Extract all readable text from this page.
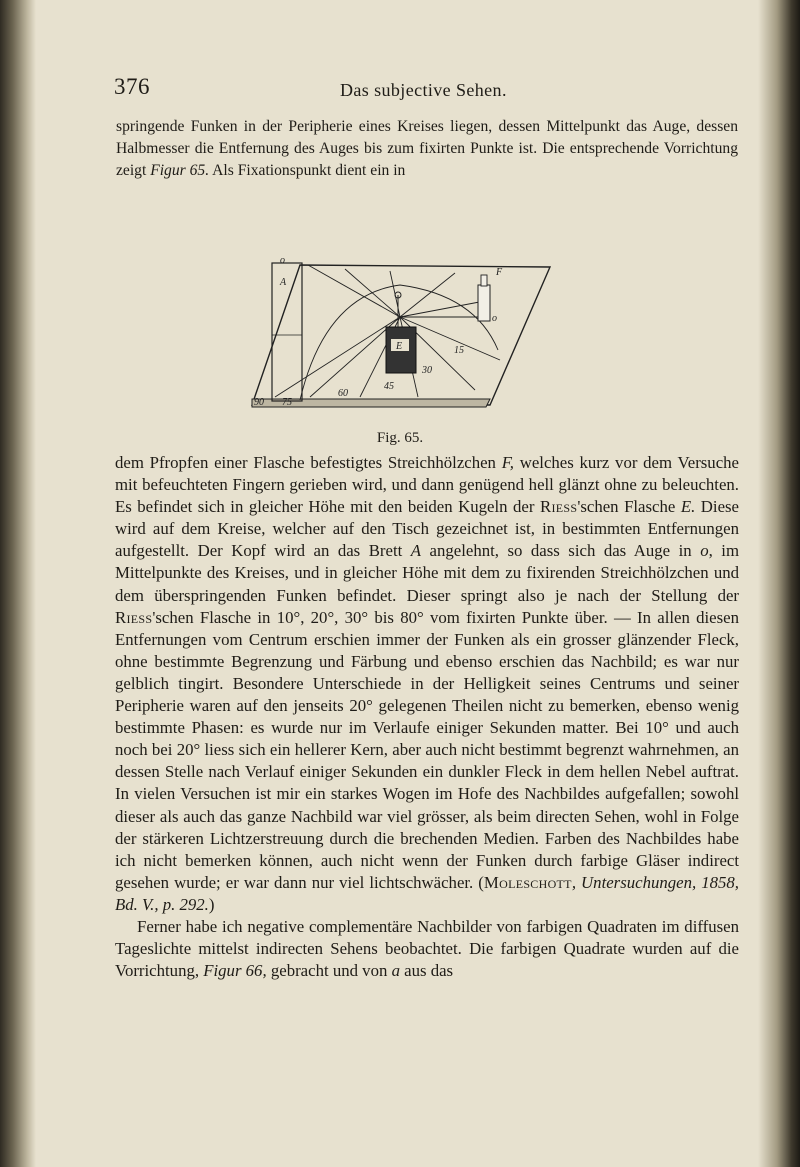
376	Das subjective Sehen.

springende Funken in der Peripherie eines Kreises liegen, dessen Mittelpunkt das Auge, dessen Halbmesser die Entfernung des Auges bis zum fixirten Punkte ist. Die entsprechende Vorrichtung zeigt Figur 65. Als Fixationspunkt dient ein in

o
A
F
o
15
30
45
60
75
90
E
Fig. 65.

dem Pfropfen einer Flasche befestigtes Streichhölzchen F, welches kurz vor dem Versuche mit befeuchteten Fingern gerieben wird, und dann genügend hell glänzt ohne zu beleuchten. Es befindet sich in gleicher Höhe mit den beiden Kugeln der Riess'schen Flasche E. Diese wird auf dem Kreise, welcher auf den Tisch gezeichnet ist, in bestimmten Entfernungen aufgestellt. Der Kopf wird an das Brett A angelehnt, so dass sich das Auge in o, im Mittelpunkte des Kreises, und in gleicher Höhe mit dem zu fixirenden Streichhölzchen und dem überspringenden Funken befindet. Dieser springt also je nach der Stellung der Riess'schen Flasche in 10°, 20°, 30° bis 80° vom fixirten Punkte über. — In allen diesen Entfernungen vom Centrum erschien immer der Funken als ein grosser glänzender Fleck, ohne bestimmte Begrenzung und Färbung und ebenso erschien das Nachbild; es war nur gelblich tingirt. Besondere Unterschiede in der Helligkeit seines Centrums und seiner Peripherie waren auf den jenseits 20° gelegenen Theilen nicht zu bemerken, ebenso wenig bestimmte Phasen: es wurde nur im Verlaufe einiger Sekunden matter. Bei 10° und auch noch bei 20° liess sich ein hellerer Kern, aber auch nicht bestimmt begrenzt wahrnehmen, an dessen Stelle nach Verlauf einiger Sekunden ein dunkler Fleck in dem hellen Nebel auftrat. In vielen Versuchen ist mir ein starkes Wogen im Hofe des Nachbildes aufgefallen; sowohl dieser als auch das ganze Nachbild war viel grösser, als beim directen Sehen, wohl in Folge der stärkeren Lichtzerstreuung durch die brechenden Medien. Farben des Nachbildes habe ich nicht bemerken können, auch nicht wenn der Funken durch farbige Gläser indirect gesehen wurde; er war dann nur viel lichtschwächer. (Moleschott, Untersuchungen, 1858, Bd. V., p. 292.)

Ferner habe ich negative complementäre Nachbilder von farbigen Quadraten im diffusen Tageslichte mittelst indirecten Sehens beobachtet. Die farbigen Quadrate wurden auf die Vorrichtung, Figur 66, gebracht und von a aus das
